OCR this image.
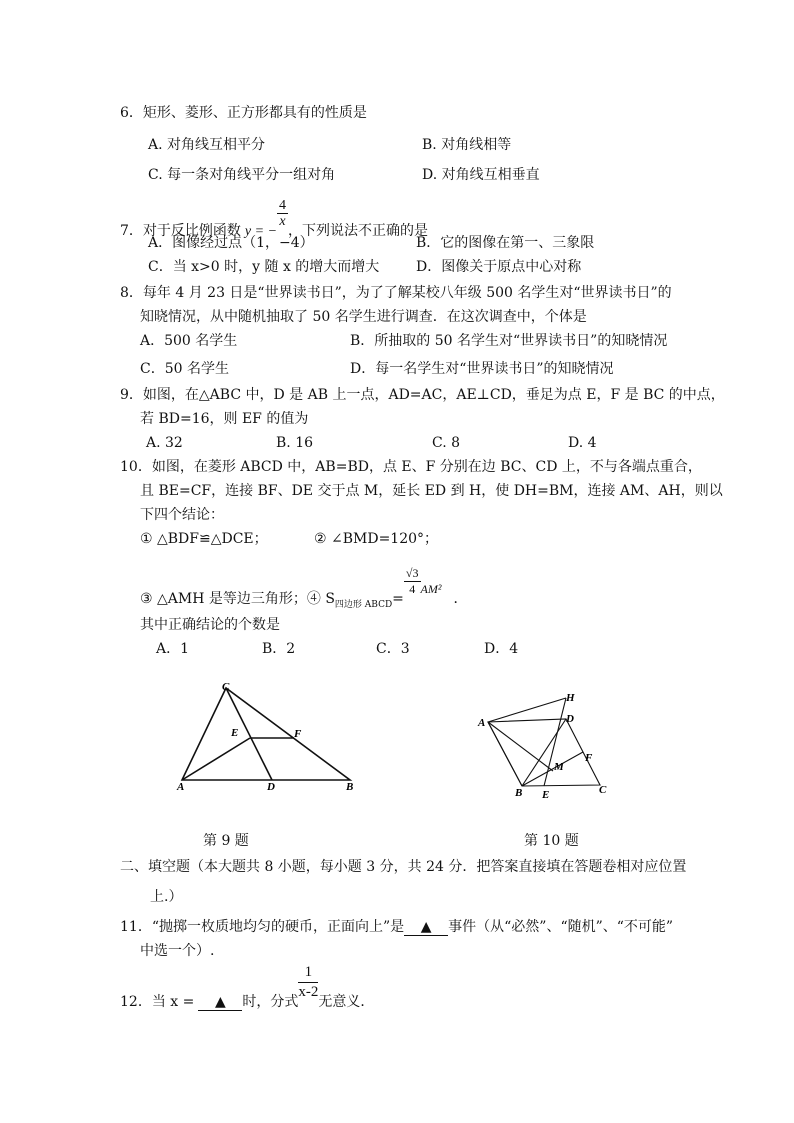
6．矩形、菱形、正方形都具有的性质是
A. 对角线互相平分	B. 对角线相等
C. 每一条对角线平分一组对角	D. 对角线互相垂直
7．对于反比例函数 y = −
$\frac{4}{x}$
，下列说法不正确的是
A．图像经过点（1，−4）	B．它的图像在第一、三象限
C．当 x>0 时，y 随 x 的增大而增大	D．图像关于原点中心对称
8．每年 4 月 23 日是“世界读书日”，为了了解某校八年级 500 名学生对“世界读书日”的
知晓情况，从中随机抽取了 50 名学生进行调查．在这次调查中，个体是
A．500 名学生	B．所抽取的 50 名学生对“世界读书日”的知晓情况
C．50 名学生	D．每一名学生对“世界读书日”的知晓情况
9．如图，在△ABC 中，D 是 AB 上一点，AD=AC，AE⊥CD，垂足为点 E，F 是 BC 的中点，
若 BD=16，则 EF 的值为
A. 32	B. 16	C. 8	D. 4
10．如图，在菱形 ABCD 中，AB=BD，点 E、F 分别在边 BC、CD 上，不与各端点重合，
且 BE=CF，连接 BF、DE 交于点 M，延长 ED 到 H，使 DH=BM，连接 AM、AH，则以
下四个结论：
① △BDF≌△DCE；	② ∠BMD=120°；
③ △AMH 是等边三角形；④ $S_{四边形 ABCD}=$
$\frac{√3}{4} AM^2$．
其中正确结论的个数是
A．1	B．2	C．3	D．4
C
E	F
A	D	B
第 9 题
H
A	D
F
M
B E	C
第 10 题
二、填空题（本大题共 8 小题，每小题 3 分，共 24 分．把答案直接填在答题卷相对应位置
上.）
11．“抛掷一枚质地均匀的硬币，正面向上”是 ▲ 事件（从“必然”、“随机”、“不可能”
中选一个）.
12．当 x = ▲ 时，分式
$\frac{1}{x-2}$
无意义．
